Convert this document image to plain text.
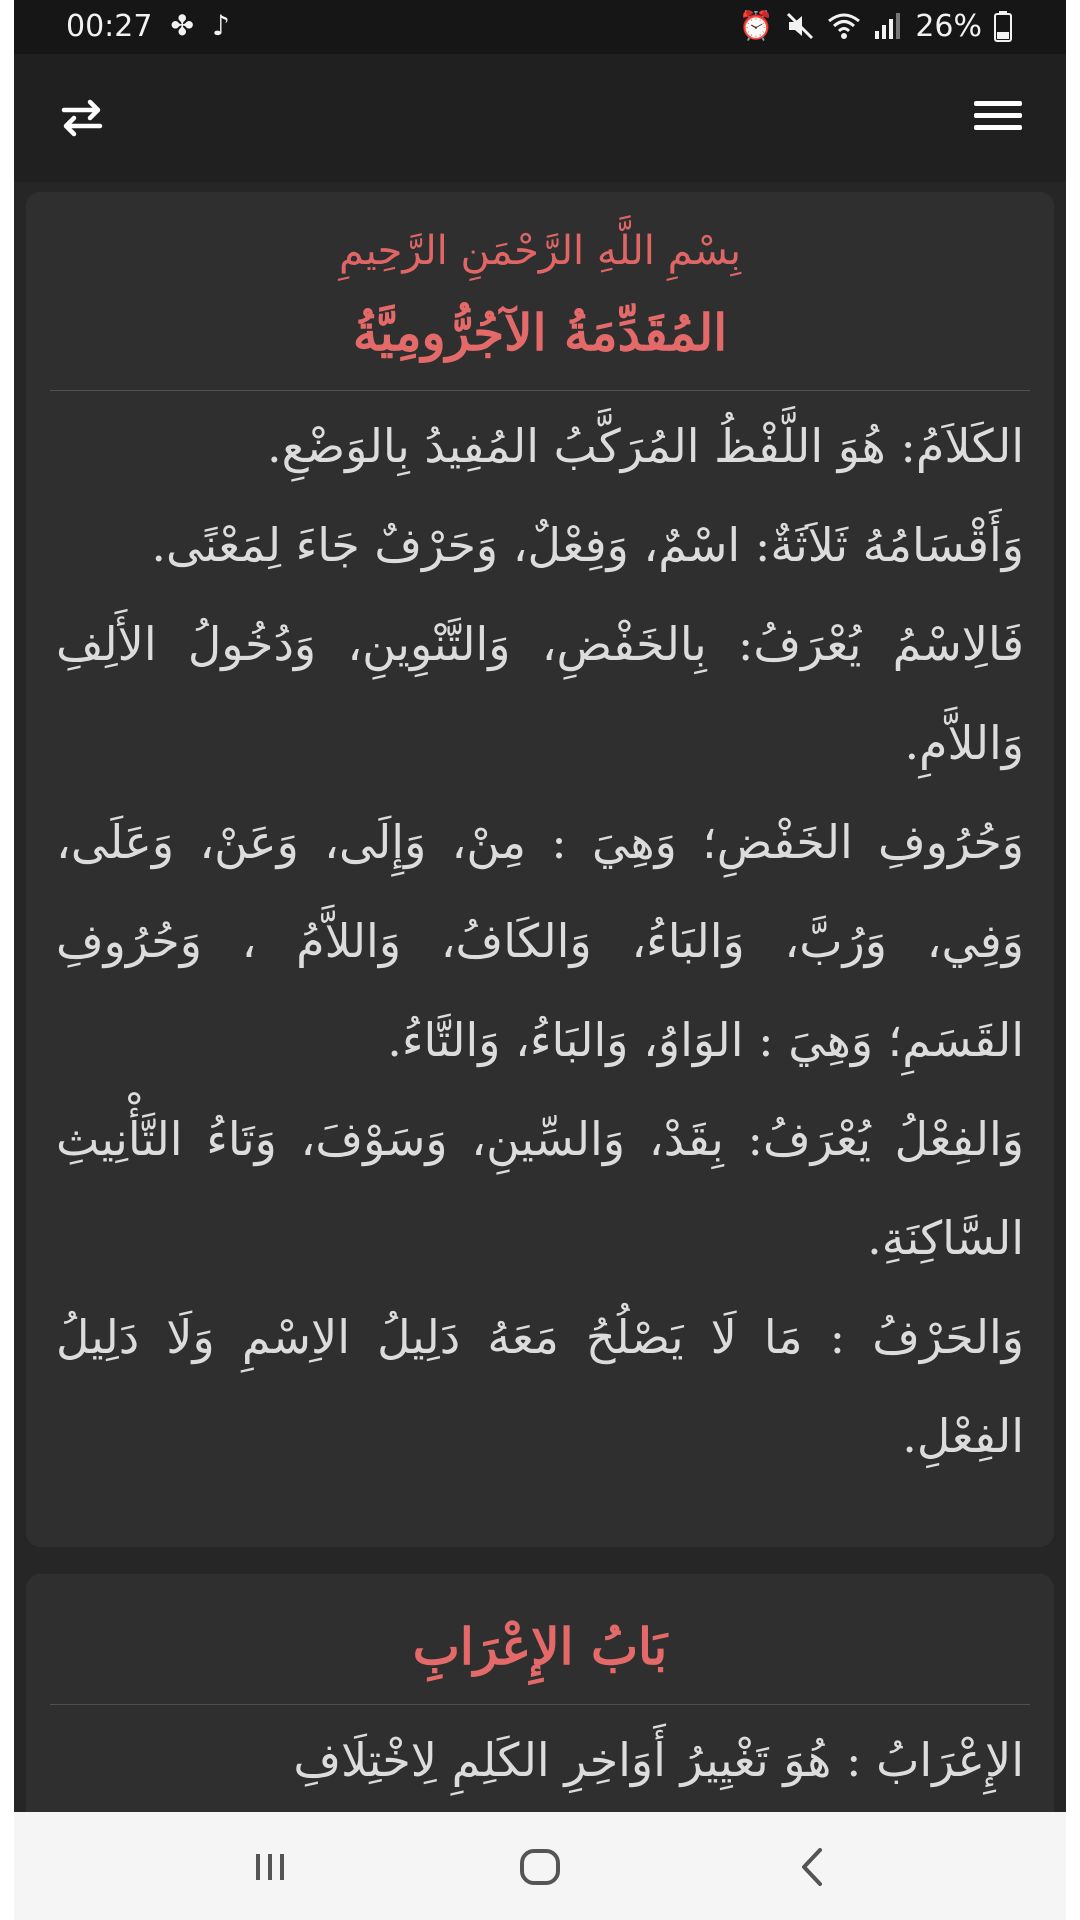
00:27 ✤ ♪	⏰	26%
بِسْمِ اللَّهِ الرَّحْمَنِ الرَّحِيمِ
المُقَدِّمَةُ الآجُرُّومِيَّةُ

الكَلاَمُ: هُوَ اللَّفْظُ المُرَكَّبُ المُفِيدُ بِالوَضْعِ.

وَأَقْسَامُهُ ثَلاَثَةٌ: اسْمٌ، وَفِعْلٌ، وَحَرْفٌ جَاءَ لِمَعْنًى.

فَالِاسْمُ يُعْرَفُ: بِالخَفْضِ، وَالتَّنْوِينِ، وَدُخُولُ الأَلِفِ وَاللاَّمِ.

وَحُرُوفِ الخَفْضِ؛ وَهِيَ : مِنْ، وَإِلَى، وَعَنْ، وَعَلَى، وَفِي، وَرُبَّ، وَالبَاءُ، وَالكَافُ، وَاللاَّمُ ، وَحُرُوفِ القَسَمِ؛ وَهِيَ : الوَاوُ، وَالبَاءُ، وَالتَّاءُ.

وَالفِعْلُ يُعْرَفُ: بِقَدْ، وَالسِّينِ، وَسَوْفَ، وَتَاءُ التَّأْنِيثِ السَّاكِنَةِ.

وَالحَرْفُ : مَا لَا يَصْلُحُ مَعَهُ دَلِيلُ الاِسْمِ وَلَا دَلِيلُ الفِعْلِ.

بَابُ الإِعْرَابِ

الإِعْرَابُ : هُوَ تَغْيِيرُ أَوَاخِرِ الكَلِمِ لِاخْتِلَافِ
